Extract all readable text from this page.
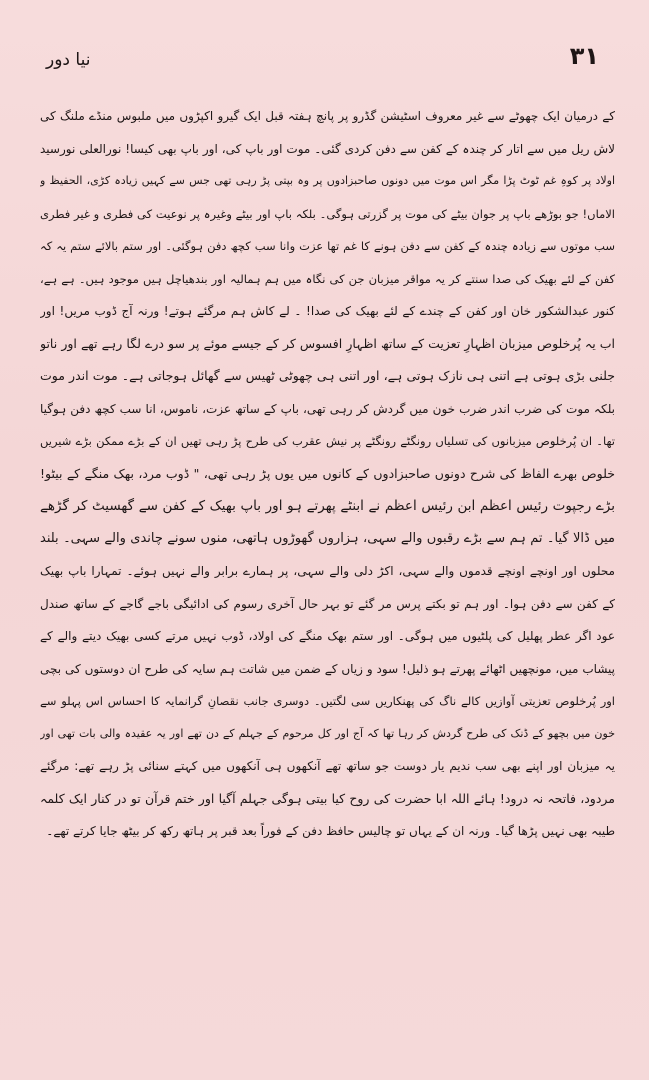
۳۱
نیا دور
کے درمیان ایک چھوٹے سے غیر معروف اسٹیشن گڈرو پر پانچ ہفتہ قبل ایک گیرو اکپڑوں میں ملبوس منڈے ملنگ کی
لاش ریل میں سے اتار کر چندہ کے کفن سے دفن کردی گئی۔ موت اور باپ کی، اور باپ بھی کیسا! نورالعلی نورسید
اولاد پر کوہِ غم ٹوٹ پڑا مگر اس موت میں دونوں صاحبزادوں پر وہ بپتی پڑ رہی تھی جس سے کہیں زیادہ کڑی، الحفیظ و
الاماں! جو بوڑھے باپ پر جوان بیٹے کی موت پر گزرتی ہوگی۔ بلکہ باپ اور بیٹے وغیرہ پر نوعیت کی فطری و غیر فطری
سب موتوں سے زیادہ چندہ کے کفن سے دفن ہونے کا غم تھا عزت وانا سب کچھ دفن ہوگئی۔ اور ستم بالائے ستم یہ کہ
کفن کے لئے بھیک کی صدا سنتے کر یہ مواقر میزبان جن کی نگاہ میں ہم ہمالیہ اور بندھیاچل ہیں موجود ہیں۔ ہے ہے،
کنور عبدالشکور خان اور کفن کے چندے کے لئے بھیک کی صدا! ۔ لے کاش ہم مرگئے ہوتے! ورنہ آج ڈوب مریں! اور
اب یہ پُرخلوص میزبان اظہارِ تعزیت کے ساتھ اظہارِ افسوس کر کے جیسے موئے پر سو درے لگا رہے تھے اور ناتو
جلنی بڑی ہوتی ہے اتنی ہی نازک ہوتی ہے، اور اتنی ہی چھوٹی ٹھیس سے گھائل ہوجاتی ہے۔ موت اندر موت
بلکہ موت کی ضرب اندر ضرب خون میں گردش کر رہی تھی، باپ کے ساتھ عزت، ناموس، انا سب کچھ دفن ہوگیا
تھا۔ ان پُرخلوص میزبانوں کی تسلیاں رونگٹے رونگٹے پر نیش عقرب کی طرح پڑ رہی تھیں ان کے بڑے ممکن بڑے شیریں
خلوص بھرے الفاظ کی شرح دونوں صاحبزادوں کے کانوں میں یوں پڑ رہی تھی، " ڈوب مرد، بھک منگے کے بیٹو!
بڑے رجپوت رئیس اعظم ابن رئیس اعظم نے ابنٹے پھرتے ہو اور باپ بھیک کے کفن سے گھسیٹ کر گڑھے
میں ڈالا گیا۔ تم ہم سے بڑے رقبوں والے سہی، ہزاروں گھوڑوں ہاتھی، منوں سونے چاندی والے سہی۔ بلند
محلوں اور اونچے اونچے قدموں والے سہی، اکڑ دلی والے سہی، پر ہمارے برابر والے نہیں ہوئے۔ تمہارا باپ بھیک
کے کفن سے دفن ہوا۔ اور ہم تو بکتے پرس مر گئے تو بہر حال آخری رسوم کی ادائیگی باجے گاجے کے ساتھ صندل
عود اگر عطر پھلیل کی پلٹیوں میں ہوگی۔ اور ستم بھک منگے کی اولاد، ڈوب نہیں مرتے کسی بھیک دیتے والے کے
پیشاب میں، مونچھیں اٹھائے پھرتے ہو ذلیل! سود و زیاں کے ضمن میں شاتت ہم سایہ کی طرح ان دوستوں کی بچی
اور پُرخلوص تعزیتی آوازیں کالے ناگ کی پھنکاریں سی لگتیں۔ دوسری جانب نقصانِ گرانمایہ کا احساس اس پہلو سے
خون میں بچھو کے ڈنک کی طرح گردش کر رہا تھا کہ آج اور کل مرحوم کے جہلم کے دن تھے اور یہ عقیدہ والی بات تھی اور
یہ میزبان اور اپنے بھی سب ندیم یار دوست جو ساتھ تھے آنکھوں ہی آنکھوں میں کہتے سنائی پڑ رہے تھے: مرگئے
مردود، فاتحہ نہ درود! ہائے اللہ ابا حضرت کی روح کیا بیتی ہوگی جہلم آگیا اور ختم قرآن تو در کنار ایک کلمہ
طیبہ بھی نہیں پڑھا گیا۔ ورنہ ان کے یہاں تو چالیس حافظ دفن کے فوراً بعد قبر پر ہاتھ رکھ کر بیٹھ جایا کرتے تھے۔
